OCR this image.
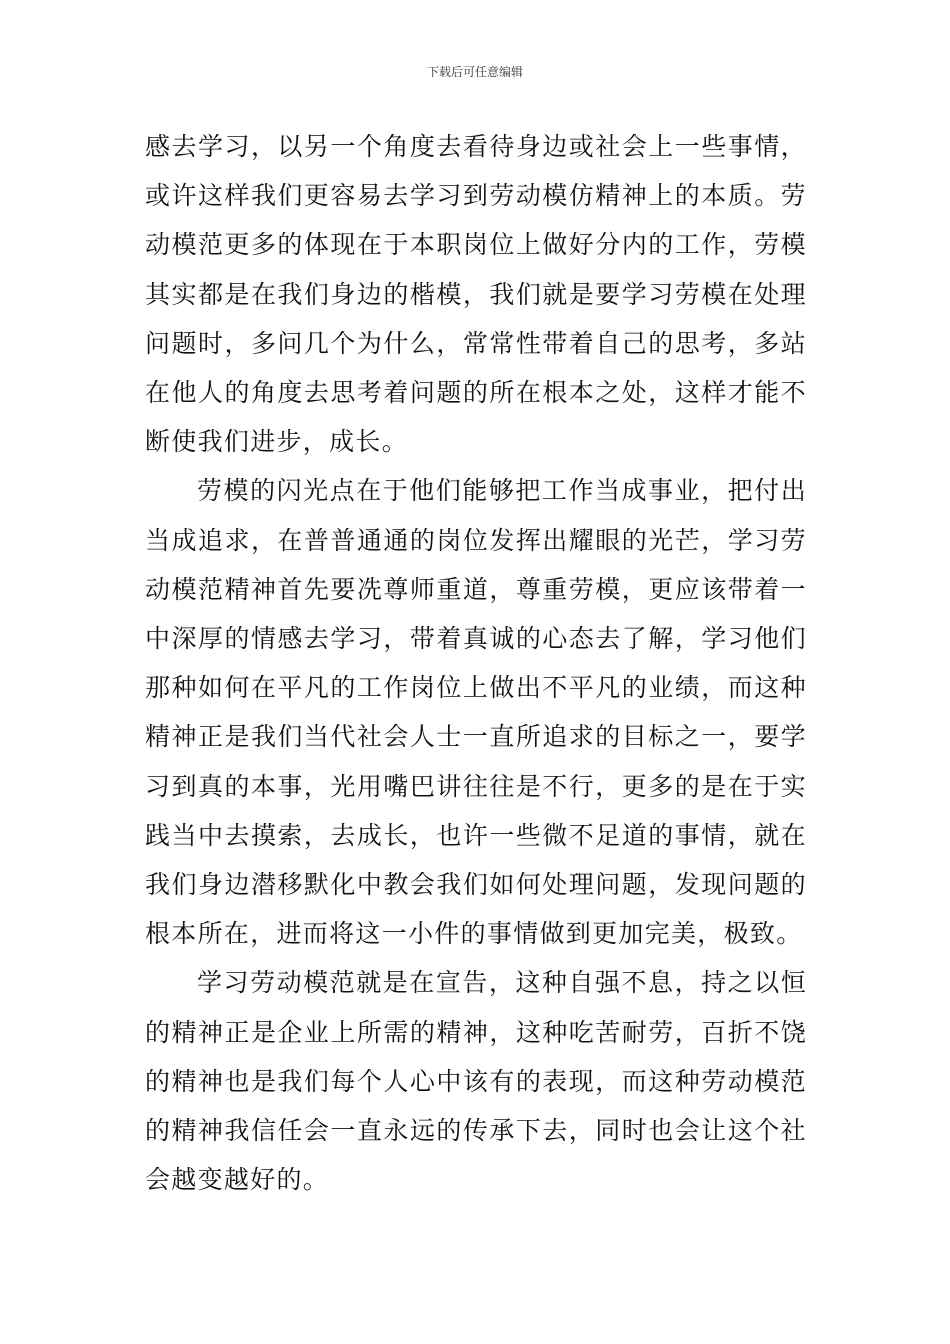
下载后可任意编辑

感去学习，以另一个角度去看待身边或社会上一些事情，或许这样我们更容易去学习到劳动模仿精神上的本质。劳动模范更多的体现在于本职岗位上做好分内的工作，劳模其实都是在我们身边的楷模，我们就是要学习劳模在处理问题时，多问几个为什么，常常性带着自己的思考，多站在他人的角度去思考着问题的所在根本之处，这样才能不断使我们进步，成长。

劳模的闪光点在于他们能够把工作当成事业，把付出当成追求，在普普通通的岗位发挥出耀眼的光芒，学习劳动模范精神首先要冼尊师重道，尊重劳模，更应该带着一中深厚的情感去学习，带着真诚的心态去了解，学习他们那种如何在平凡的工作岗位上做出不平凡的业绩，而这种精神正是我们当代社会人士一直所追求的目标之一，要学习到真的本事，光用嘴巴讲往往是不行，更多的是在于实践当中去摸索，去成长，也许一些微不足道的事情，就在我们身边潜移默化中教会我们如何处理问题，发现问题的根本所在，进而将这一小件的事情做到更加完美，极致。

学习劳动模范就是在宣告，这种自强不息，持之以恒的精神正是企业上所需的精神，这种吃苦耐劳，百折不饶的精神也是我们每个人心中该有的表现，而这种劳动模范的精神我信任会一直永远的传承下去，同时也会让这个社会越变越好的。
